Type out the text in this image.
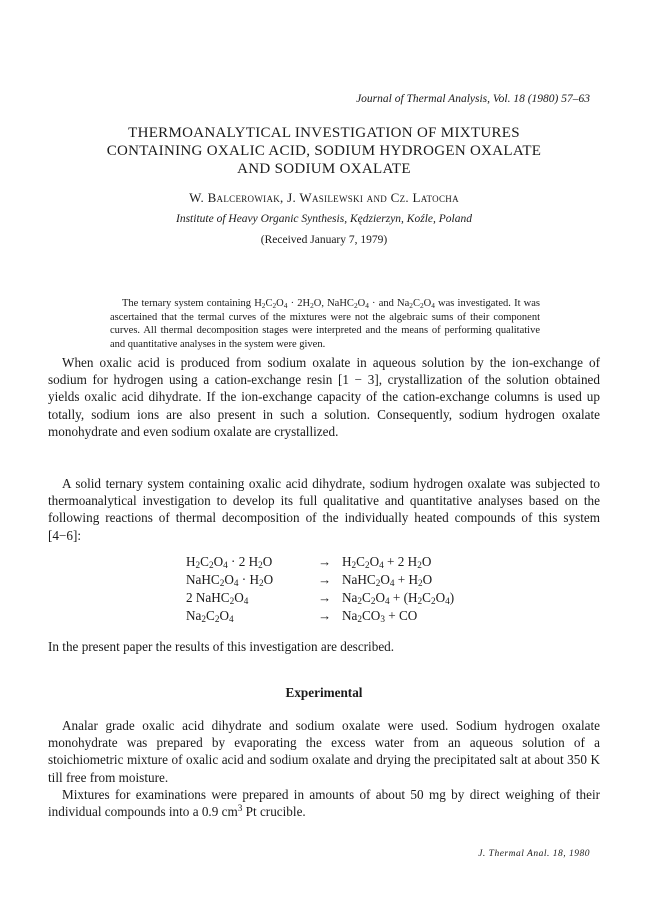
Journal of Thermal Analysis, Vol. 18 (1980) 57–63
THERMOANALYTICAL INVESTIGATION OF MIXTURES
CONTAINING OXALIC ACID, SODIUM HYDROGEN OXALATE
AND SODIUM OXALATE
W. Balcerowiak, J. Wasilewski and Cz. Latocha
Institute of Heavy Organic Synthesis, Kędzierzyn, Koźle, Poland
(Received January 7, 1979)

The ternary system containing $H_2C_2O_4 \cdot 2H_2O$, $NaHC_2O_4$ · and $Na_2C_2O_4$ was investigated. It was ascertained that the termal curves of the mixtures were not the algebraic sums of their component curves. All thermal decomposition stages were interpreted and the means of performing qualitative and quantitative analyses in the system were given.

When oxalic acid is produced from sodium oxalate in aqueous solution by the ion-exchange of sodium for hydrogen using a cation-exchange resin [1 − 3], crystallization of the solution obtained yields oxalic acid dihydrate. If the ion-exchange capacity of the cation-exchange columns is used up totally, sodium ions are also present in such a solution. Consequently, sodium hydrogen oxalate monohydrate and even sodium oxalate are crystallized.

A solid ternary system containing oxalic acid dihydrate, sodium hydrogen oxalate was subjected to thermoanalytical investigation to develop its full qualitative and quantitative analyses based on the following reactions of thermal decomposition of the individually heated compounds of this system [4−6]:

$H_2C_2O_4 \cdot 2$ $H_2O$	→ $H_2C_2O_4 + 2$ $H_2O$
$NaHC_2O_4 \cdot H_2O$	→ $NaHC_2O_4 + H_2O$
2 $NaHC_2O_4$	→ $Na_2C_2O_4 + (H_2C_2O_4)$
$Na_2C_2O_4$	→ $Na_2CO_3$ + CO

In the present paper the results of this investigation are described.

Experimental

Analar grade oxalic acid dihydrate and sodium oxalate were used. Sodium hydrogen oxalate monohydrate was prepared by evaporating the excess water from an aqueous solution of a stoichiometric mixture of oxalic acid and sodium oxalate and drying the precipitated salt at about 350 K till free from moisture.

Mixtures for examinations were prepared in amounts of about 50 mg by direct weighing of their individual compounds into a 0.9 $cm^3$ Pt crucible.

J. Thermal Anal. 18, 1980
